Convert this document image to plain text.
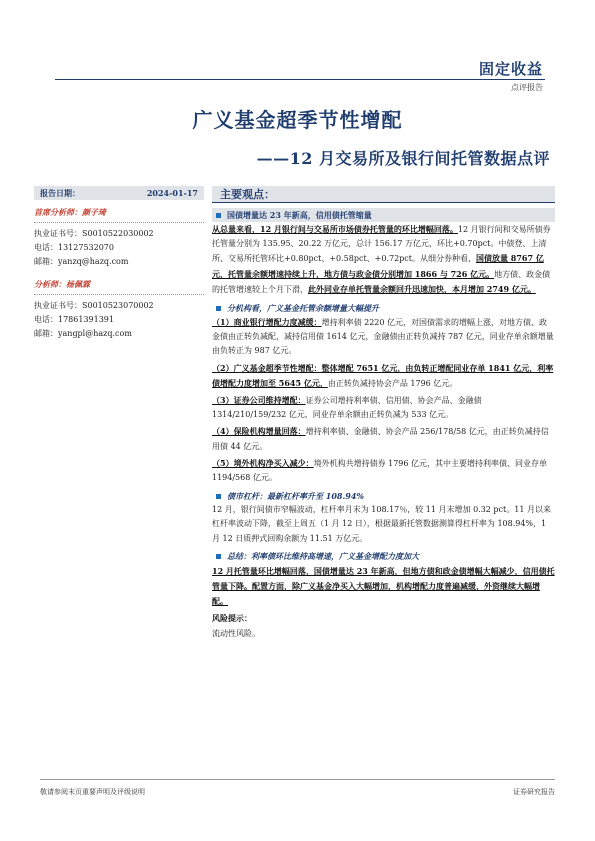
固定收益
点评报告
广义基金超季节性增配
——12 月交易所及银行间托管数据点评
报告日期：	2024-01-17
首席分析师：颜子琦
执业证书号：S0010522030002
电话：13127532070
邮箱：yanzq@hazq.com
分析师：杨佩霖
执业证书号：S0010523070002
电话：17861391391
邮箱：yangpl@hazq.com
主要观点：
国债增量达 23 年新高，信用债托管缩量
从总量来看，12 月银行间与交易所市场债券托管量的环比增幅回落。12 月银行间和交易所债券托管量分别为 135.95、20.22 万亿元，总计 156.17 万亿元，环比+0.70pct。中债登、上清所、交易所托管环比+0.80pct、+0.58pct、+0.72pct。从细分券种看，国债放量 8767 亿元，托管量余额增速持续上升，地方债与政金债分别增加 1866 与 726 亿元。地方债、政金债的托管增速较上个月下滑，此外同业存单托管量余额回升迅速加快，本月增加 2749 亿元。
分机构看，广义基金托管余额增量大幅提升
（1）商业银行增配力度减缓：增持利率债 2220 亿元，对国债需求的增幅上涨，对地方债、政金债由正转负减配，减持信用债 1614 亿元，金融债由正转负减持 787 亿元，同业存单余额增量由负转正为 987 亿元。
（2）广义基金超季节性增配：整体增配 7651 亿元，由负转正增配同业存单 1841 亿元，利率债增配力度增加至 5645 亿元，由正转负减持协会产品 1796 亿元。
（3）证券公司维持增配：证券公司增持利率债、信用债、协会产品、金融债 1314/210/159/232 亿元，同业存单余额由正转负减为 533 亿元。
（4）保险机构增量回落：增持利率债、金融债、协会产品 256/178/58 亿元，由正转负减持信用债 44 亿元。
（5）境外机构净买入减少：境外机构共增持债券 1796 亿元，其中主要增持利率债、同业存单 1194/568 亿元。
债市杠杆：最新杠杆率升至 108.94%
12 月，银行间债市窄幅波动，杠杆率月末为 108.17％，较 11 月末增加 0.32 pct。11 月以来杠杆率波动下降，截至上周五（1 月 12 日），根据最新托管数据测算得杠杆率为 108.94%，1 月 12 日质押式回购余额为 11.51 万亿元。
总结：利率债环比维持高增速，广义基金增配力度加大
12 月托管量环比增幅回落，国债增量达 23 年新高，但地方债和政金债增幅大幅减少，信用债托管量下降。配置方面，除广义基金净买入大幅增加，机构增配力度普遍减缓，外资继续大幅增配。
风险提示：
流动性风险。
敬请参阅末页重要声明及评级说明	证券研究报告
